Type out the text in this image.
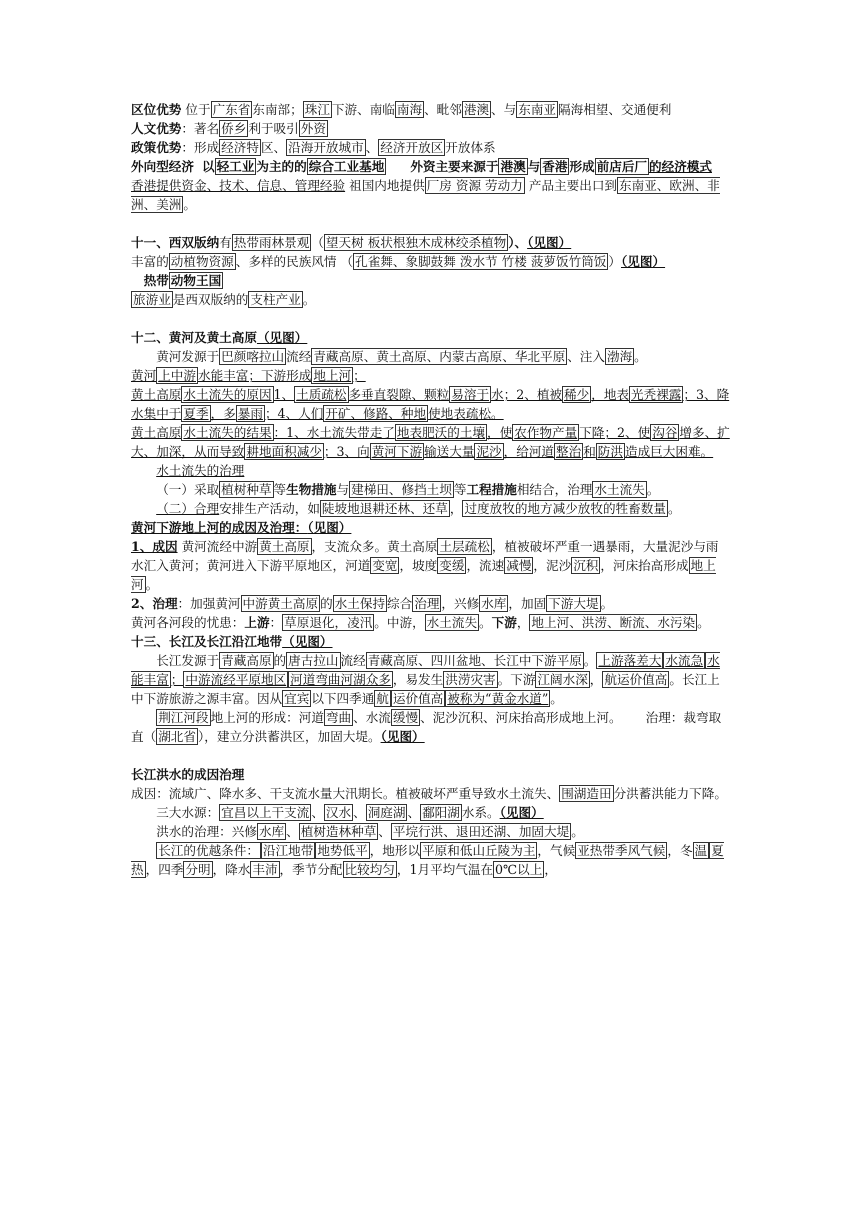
区位优势 位于 广东省 东南部； 珠江 下游、南临 南海 、毗邻 港澳 、与 东南亚 隔海相望、交通便利

人文优势：著名 侨乡 利于吸引 外资

政策优势：形成 经济特 区、 沿海开放城市 、 经济开放区 开放体系

外向型经济 以 轻工业 为主的的 综合工业基地 外资主要来源于 港澳 与 香港 形成 前店后厂 的经济模式   香港提供资金、技术、信息、管理经验 祖国内地提供 厂房 资源 劳动力 产品主要出口到 东南亚、欧洲、非洲、美洲 。

十一、西双版纳有 热带雨林景观 （ 望天树 板状根独木成林绞杀植物 ）、（见图）

丰富的 动植物资源 、多样的民族风情 （ 孔雀舞、象脚鼓舞 泼水节 竹楼 菠萝饭竹筒饭 ）（见图）

热带 动物王国

旅游业 是西双版纳的 支柱产业 。

十二、黄河及黄土高原（见图）

黄河发源于 巴颜喀拉山 流经 青藏高原、黄土高原、内蒙古高原、华北平原 、注入 渤海 。

黄河 上中游 水能丰富；下游形成 地上河 ；

黄土高原 水土流失的原因 1、 土质疏松 多垂直裂隙、颗粒 易溶于 水；2、植被 稀少 ，地表 光秃裸露 ；3、降水集中于 夏季 ，多 暴雨 ；4、人们 开矿、修路、种地 使地表疏松。

黄土高原 水土流失的结果 ：1、水土流失带走了 地表肥沃的土壤 ，使 农作物产量 下降；2、使 沟谷 增多、扩大、加深，从而导致 耕地面积减少 ；3、向 黄河下游 输送大量 泥沙 ，给河道 整治 和 防洪 造成巨大困难。

水土流失的治理

（一）采取 植树种草 等生物措施与 建梯田、修挡土坝 等工程措施相结合，治理 水土流失 。

（二）合理安排生产活动，如 陡坡地退耕还林、还草 ， 过度放牧的地方减少放牧的牲畜数量 。

黄河下游地上河的成因及治理：（见图）

1、成因 黄河流经中游 黄土高原 ，支流众多。黄土高原 土层疏松 ，植被破坏严重一遇暴雨，大量泥沙与雨水汇入黄河；黄河进入下游平原地区，河道 变宽 ，坡度 变缓 ，流速 减慢 ，泥沙 沉积 ，河床抬高形成 地上河 。

2、治理：加强黄河 中游黄土高原 的 水土保持 综合 治理 ，兴修 水库 ，加固 下游大堤 。

黄河各河段的忧患：上游： 草原退化，凌汛 。中游， 水土流失 。下游， 地上河、洪涝、断流、水污染 。

十三、长江及长江沿江地带（见图）

长江发源于 青藏高原 的 唐古拉山 流经 青藏高原、四川盆地、长江中下游平原 。 上游落差大 水流急 水能丰富 ； 中游流经平原地区 河道弯曲河湖众多 ，易发生 洪涝灾害 。下游 江阔水深 ， 航运价值高 。长江上中下游旅游之源丰富。因从 宜宾 以下四季通 航 运价值高 被称为“黄金水道” 。

荆江河段 地上河的形成：河道 弯曲 、水流 缓慢 、泥沙沉积、河床抬高形成地上河。 治理：裁弯取直（ 湖北省 ），建立分洪蓄洪区，加固大堤。（见图）

长江洪水的成因治理

成因：流域广、降水多、干支流水量大汛期长。植被破坏严重导致水土流失、 围湖造田 分洪蓄洪能力下降。

三大水源： 宜昌以上干支流 、 汉水 、 洞庭湖 、 鄱阳湖 水系。（见图）

洪水的治理：兴修 水库 、 植树造林种草 、 平垸行洪、退田还湖、加固大堤 。

长江的优越条件： 沿江地带 地势低平 ，地形以 平原和低山丘陵为主 ，气候 亚热带季风气候 ，冬 温 夏热 ，四季 分明 ，降水 丰沛 ，季节分配 比较均匀 ，1月平均气温在 0℃以上 ，
